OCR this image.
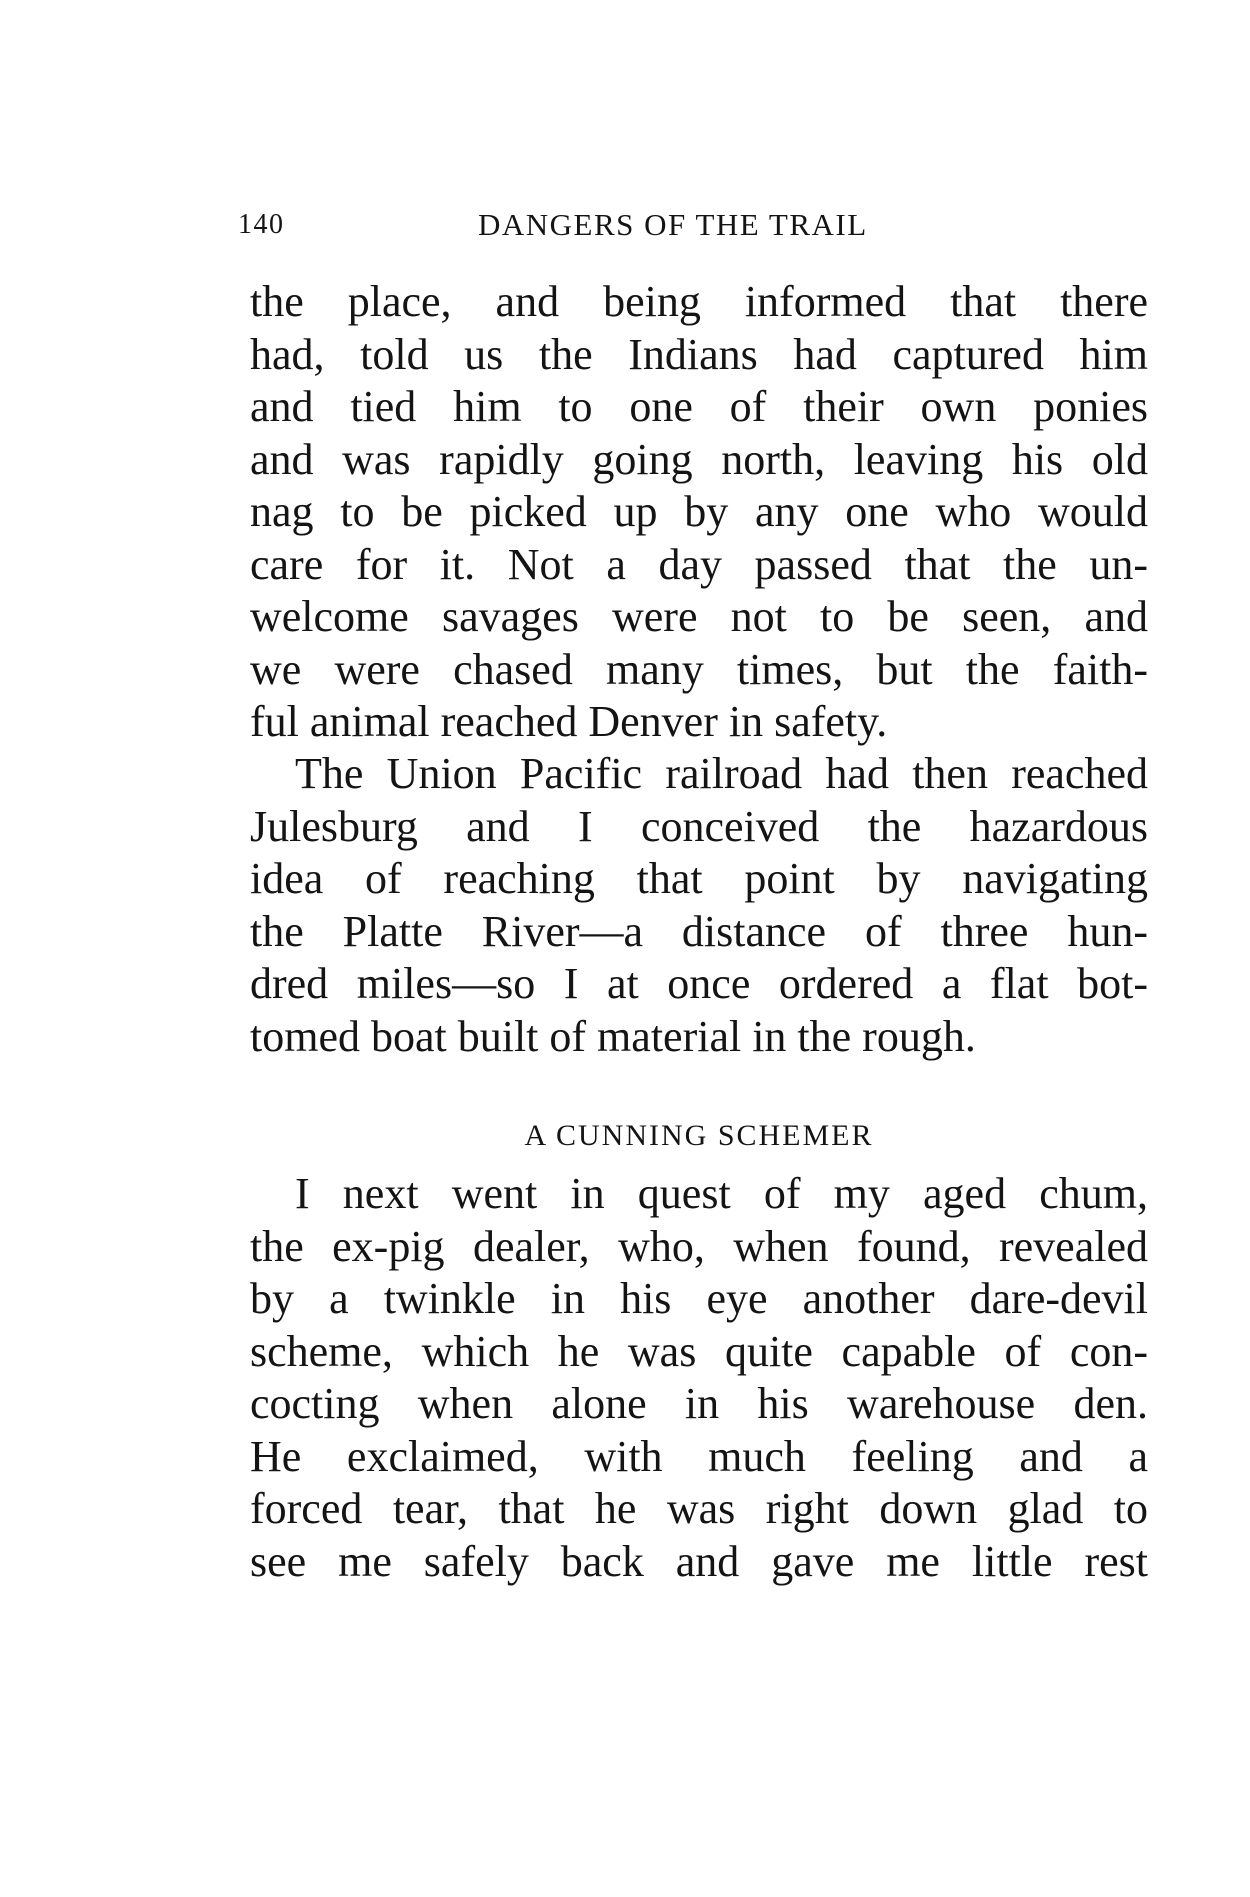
140	DANGERS OF THE TRAIL
the place, and being informed that there
had, told us the Indians had captured him
and tied him to one of their own ponies
and was rapidly going north, leaving his old
nag to be picked up by any one who would
care for it. Not a day passed that the un-
welcome savages were not to be seen, and
we were chased many times, but the faith-
ful animal reached Denver in safety.
The Union Pacific railroad had then reached
Julesburg and I conceived the hazardous
idea of reaching that point by navigating
the Platte River—a distance of three hun-
dred miles—so I at once ordered a flat bot-
tomed boat built of material in the rough.
A CUNNING SCHEMER
I next went in quest of my aged chum,
the ex-pig dealer, who, when found, revealed
by a twinkle in his eye another dare-devil
scheme, which he was quite capable of con-
cocting when alone in his warehouse den.
He exclaimed, with much feeling and a
forced tear, that he was right down glad to
see me safely back and gave me little rest
